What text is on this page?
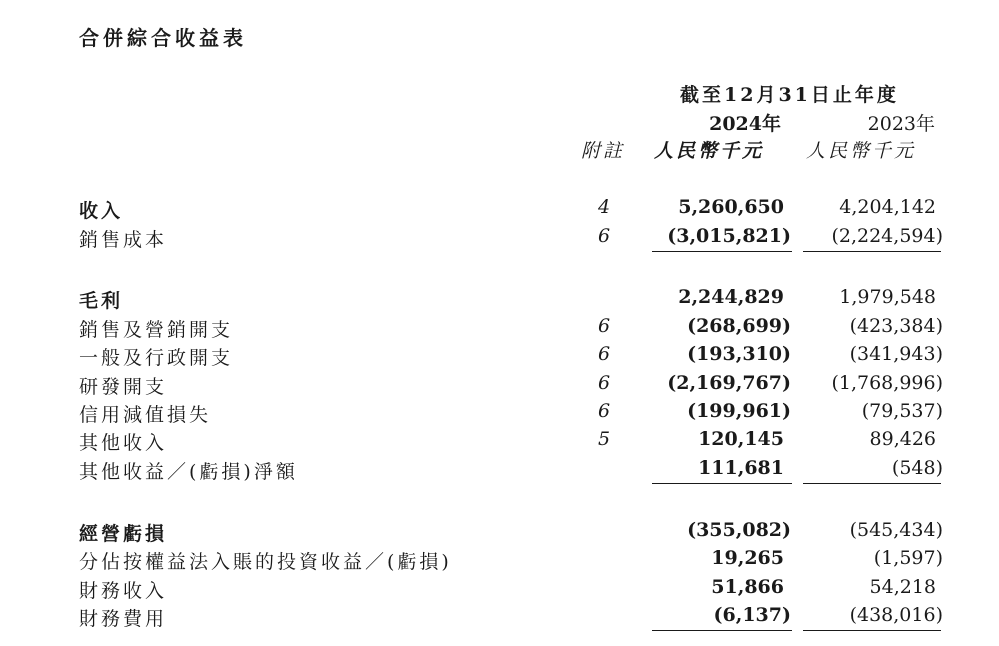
合併綜合收益表
截至12月31日止年度
2024年	2023年
附註 人民幣千元 人民幣千元
收入	4	5,260,650	4,204,142
銷售成本	6	(3,015,821) (2,224,594)
毛利	2,244,829	1,979,548
銷售及營銷開支	6	(268,699)	(423,384)
一般及行政開支	6	(193,310)	(341,943)
研發開支	6	(2,169,767) (1,768,996)
信用減值損失	6	(199,961)	(79,537)
其他收入	5	120,145	89,426
其他收益／(虧損)淨額	111,681	(548)
經營虧損	(355,082)	(545,434)
分佔按權益法入賬的投資收益／(虧損)	19,265	(1,597)
財務收入	51,866	54,218
財務費用	(6,137)	(438,016)
